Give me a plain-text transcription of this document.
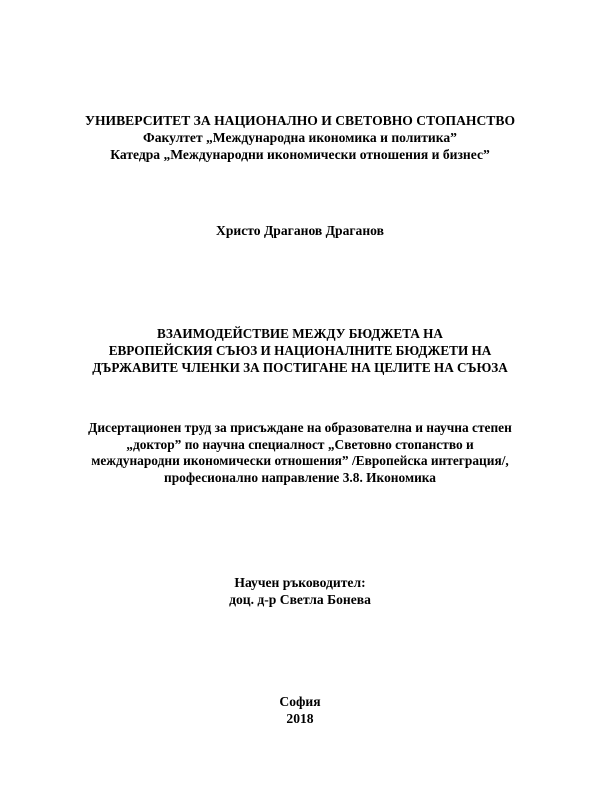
УНИВЕРСИТЕТ ЗА НАЦИОНАЛНО И СВЕТОВНО СТОПАНСТВО
Факултет „Международна икономика и политика”
Катедра „Международни икономически отношения и бизнес”
Христо Драганов Драганов
ВЗАИМОДЕЙСТВИЕ МЕЖДУ БЮДЖЕТА НА
ЕВРОПЕЙСКИЯ СЪЮЗ И НАЦИОНАЛНИТЕ БЮДЖЕТИ НА
ДЪРЖАВИТЕ ЧЛЕНКИ ЗА ПОСТИГАНЕ НА ЦЕЛИТЕ НА СЪЮЗА
Дисертационен труд за присъждане на образователна и научна степен
„доктор” по научна специалност „Световно стопанство и
международни икономически отношения” /Европейска интеграция/,
професионално направление 3.8. Икономика
Научен ръководител:
доц. д-р Светла Бонева
София
2018
